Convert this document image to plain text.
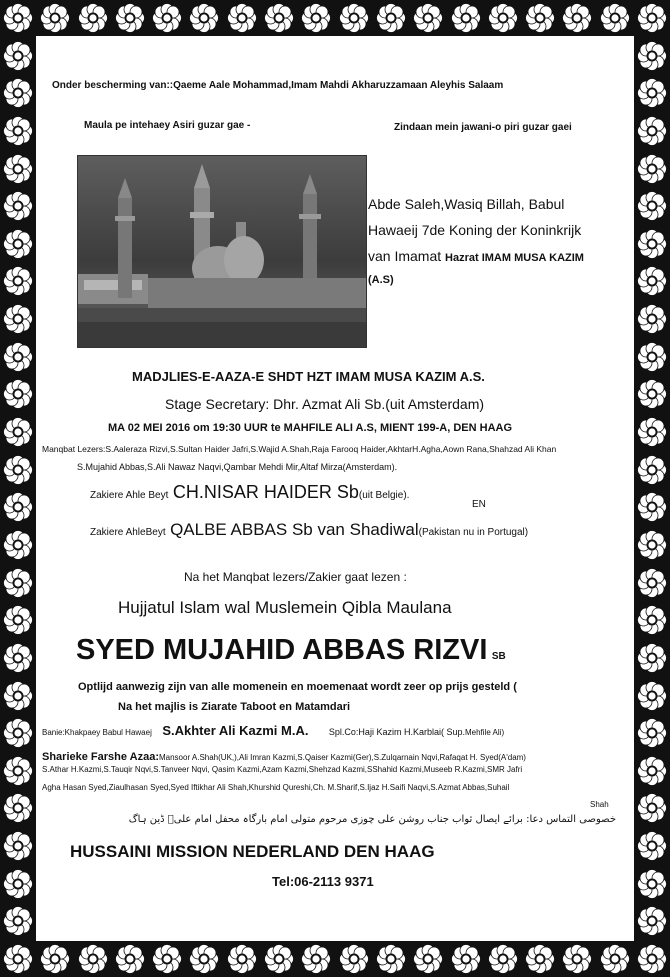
Onder bescherming van::Qaeme Aale Mohammad,Imam Mahdi Akharuzzamaan Aleyhis Salaam
Maula pe intehaey Asiri guzar gae -	Zindaan mein jawani-o piri guzar gaei
Abde Saleh,Wasiq Billah, Babul
Hawaeij 7de Koning der Koninkrijk
van Imamat Hazrat IMAM MUSA KAZIM
(A.S)
MADJLIES-E-AAZA-E SHDT HZT IMAM MUSA KAZIM A.S.
Stage Secretary: Dhr. Azmat Ali Sb.(uit Amsterdam)
MA 02 MEI 2016 om 19:30 UUR te MAHFILE ALI A.S, MIENT 199-A, DEN HAAG
Manqbat Lezers:S.Aaleraza Rizvi,S.Sultan Haider Jafri,S.Wajid A.Shah,Raja Farooq Haider,AkhtarH.Agha,Aown Rana,Shahzad Ali Khan
S.Mujahid Abbas,S.Ali Nawaz Naqvi,Qambar Mehdi Mir,Altaf Mirza(Amsterdam).
Zakiere Ahle Beyt CH.NISAR HAIDER Sb(uit Belgie).
EN
Zakiere AhleBeyt QALBE ABBAS Sb van Shadiwal(Pakistan nu in Portugal)
Na het Manqbat lezers/Zakier gaat lezen :
Hujjatul Islam wal Muslemein Qibla Maulana
SYED MUJAHID ABBAS RIZVI SB
Optlijd aanwezig zijn van alle momenein en moemenaat wordt zeer op prijs gesteld (
Na het majlis is Ziarate Taboot en Matamdari
Banie:Khakpaey Babul Hawaej S.Akhter Ali Kazmi M.A. Spl.Co:Haji Kazim H.Karblai( Sup.Mehfile Ali)
Sharieke Farshe Azaa:Mansoor A.Shah(UK,),Ali Imran Kazmi,S.Qaiser Kazmi(Ger),S.Zulqarnain Nqvi,Rafaqat H. Syed(A'dam)
S.Athar H.Kazmi,S.Tauqir Nqvi,S.Tanveer Nqvi, Qasim Kazmi,Azam Kazmi,Shehzad Kazmi,SShahid Kazmi,Museeb R.Kazmi,SMR Jafri
Agha Hasan Syed,Ziaulhasan Syed,Syed Iftikhar Ali Shah,Khurshid Qureshi,Ch. M.Sharif,S.Ijaz H.Saifi Naqvi,S.Azmat Abbas,Suhail
Shah
خصوصی التماس دعا: برائے ایصال ثواب جناب روشن علی چوزی مرحوم متولی امام بارگاہ محفل امام علیؑ ڈین ہاگ
HUSSAINI MISSION NEDERLAND DEN HAAG
Tel:06-2113 9371
